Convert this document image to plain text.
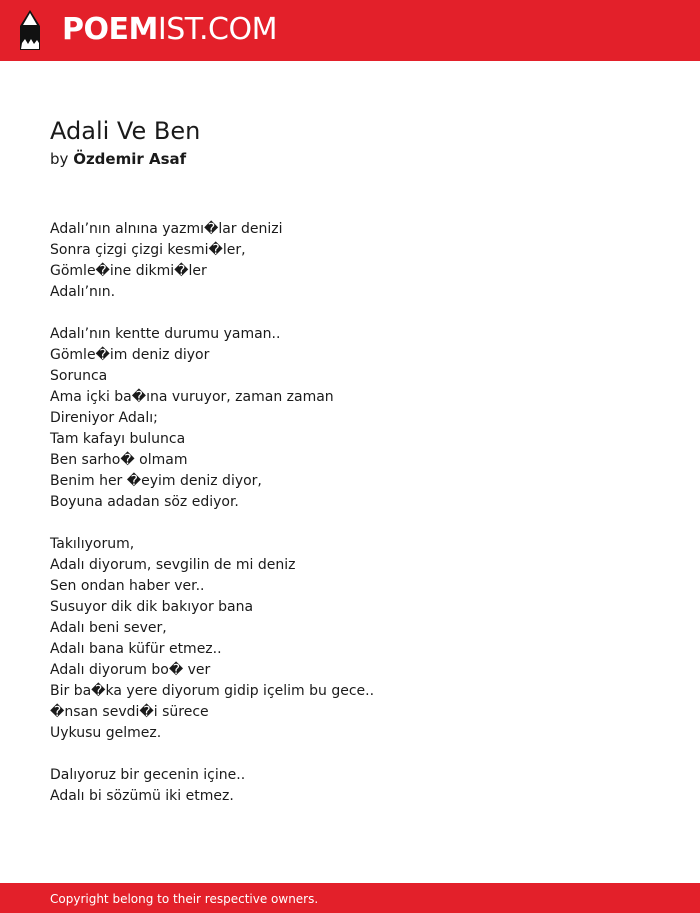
POEMIST.COM
Adali Ve Ben
by Özdemir Asaf
Adalı’nın alnına yazmı�lar denizi
Sonra çizgi çizgi kesmi�ler,
Gömle�ine dikmi�ler
Adalı’nın.
Adalı’nın kentte durumu yaman..
Gömle�im deniz diyor
Sorunca
Ama içki ba�ına vuruyor, zaman zaman
Direniyor Adalı;
Tam kafayı bulunca
Ben sarho� olmam
Benim her �eyim deniz diyor,
Boyuna adadan söz ediyor.
Takılıyorum,
Adalı diyorum, sevgilin de mi deniz
Sen ondan haber ver..
Susuyor dik dik bakıyor bana
Adalı beni sever,
Adalı bana küfür etmez..
Adalı diyorum bo� ver
Bir ba�ka yere diyorum gidip içelim bu gece..
�nsan sevdi�i sürece
Uykusu gelmez.
Dalıyoruz bir gecenin içine..
Adalı bi sözümü iki etmez.
Copyright belong to their respective owners.
